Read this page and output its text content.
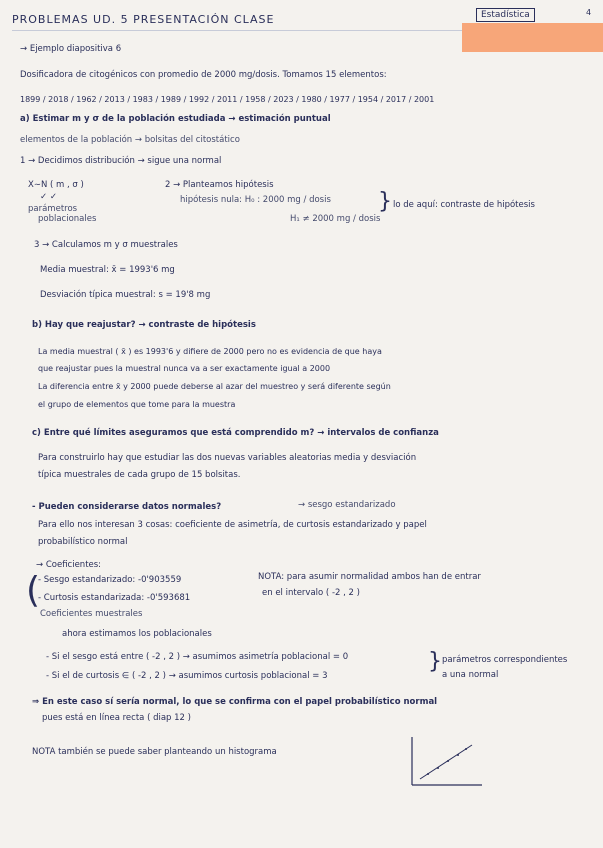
PROBLEMAS UD. 5 PRESENTACIÓN CLASE	Estadística	4
→ Ejemplo diapositiva 6
Dosificadora de citogénicos con promedio de 2000 mg/dosis. Tomamos 15 elementos:
1899 / 2018 / 1962 / 2013 / 1983 / 1989 / 1992 / 2011 / 1958 / 2023 / 1980 / 1977 / 1954 / 2017 / 2001
a) Estimar m y σ de la población estudiada → estimación puntual
elementos de la población → bolsitas del citostático
1 → Decidimos distribución → sigue una normal
X∼N ( m , σ )
✓ ✓
parámetros
poblacionales
2 → Planteamos hipótesis
hipótesis nula: H₀ : 2000 mg / dosis
H₁ ≠ 2000 mg / dosis
} lo de aquí: contraste de hipótesis
3 → Calculamos m y σ muestrales
Media muestral: x̄ = 1993'6 mg
Desviación típica muestral: s = 19'8 mg
b) Hay que reajustar? → contraste de hipótesis
La media muestral ( x̄ ) es 1993'6 y difiere de 2000 pero no es evidencia de que haya
que reajustar pues la muestral nunca va a ser exactamente igual a 2000
La diferencia entre x̄ y 2000 puede deberse al azar del muestreo y será diferente según
el grupo de elementos que tome para la muestra
c) Entre qué límites aseguramos que está comprendido m? → intervalos de confianza
Para construirlo hay que estudiar las dos nuevas variables aleatorias media y desviación
típica muestrales de cada grupo de 15 bolsitas.
- Pueden considerarse datos normales?	→ sesgo estandarizado
Para ello nos interesan 3 cosas: coeficiente de asimetría, de curtosis estandarizado y papel
probabilístico normal
→ Coeficientes:
(
- Sesgo estandarizado: -0'903559
- Curtosis estandarizada: -0'593681
Coeficientes muestrales
NOTA: para asumir normalidad ambos han de entrar
en el intervalo ( -2 , 2 )
ahora estimamos los poblacionales
- Si el sesgo está entre ( -2 , 2 ) → asumimos asimetría poblacional = 0
- Si el de curtosis ∈ ( -2 , 2 ) → asumimos curtosis poblacional = 3
} parámetros correspondientes
a una normal
⇒ En este caso sí sería normal, lo que se confirma con el papel probabilístico normal
pues está en línea recta ( diap 12 )
NOTA también se puede saber planteando un histograma
